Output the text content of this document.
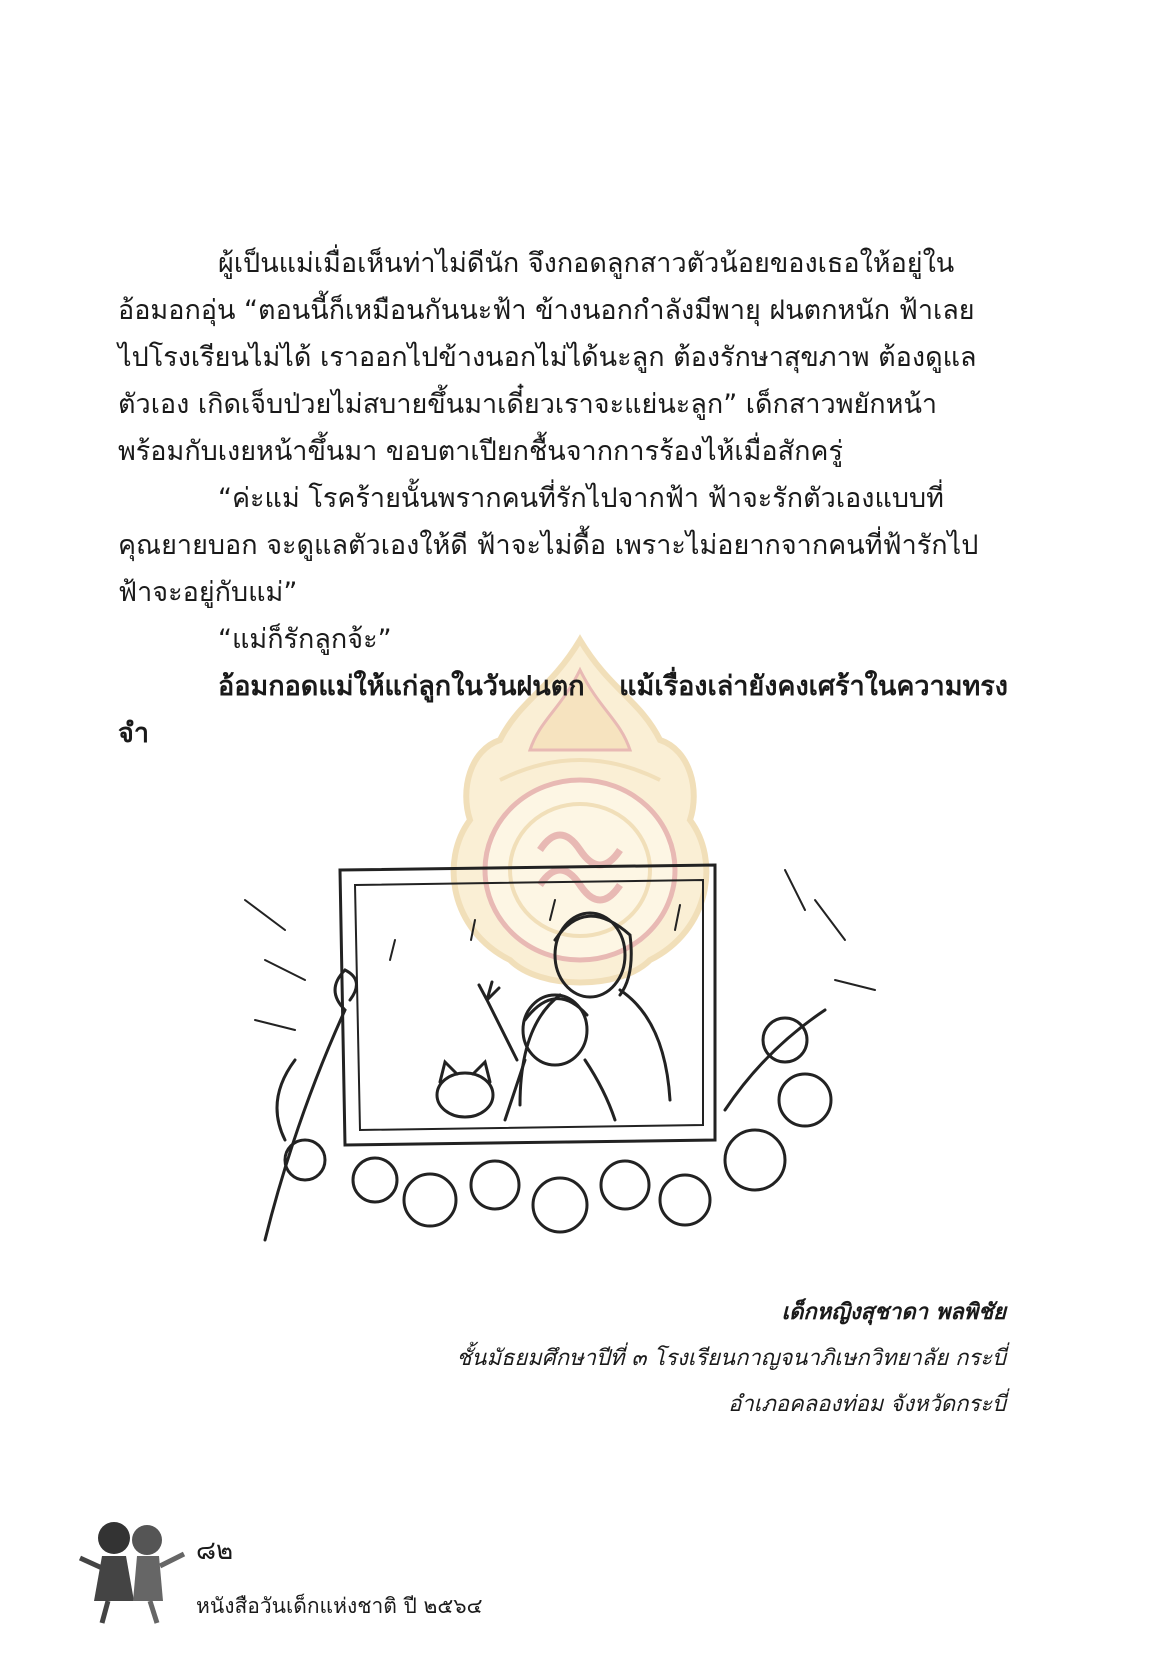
ผู้เป็นแม่เมื่อเห็นท่าไม่ดีนัก จึงกอดลูกสาวตัวน้อยของเธอให้อยู่ใน
อ้อมอกอุ่น “ตอนนี้ก็เหมือนกันนะฟ้า ข้างนอกกำลังมีพายุ ฝนตกหนัก ฟ้าเลย
ไปโรงเรียนไม่ได้ เราออกไปข้างนอกไม่ได้นะลูก ต้องรักษาสุขภาพ ต้องดูแล
ตัวเอง เกิดเจ็บป่วยไม่สบายขึ้นมาเดี๋ยวเราจะแย่นะลูก” เด็กสาวพยักหน้า
พร้อมกับเงยหน้าขึ้นมา ขอบตาเปียกชื้นจากการร้องไห้เมื่อสักครู่

“ค่ะแม่ โรคร้ายนั้นพรากคนที่รักไปจากฟ้า ฟ้าจะรักตัวเองแบบที่
คุณยายบอก จะดูแลตัวเองให้ดี ฟ้าจะไม่ดื้อ เพราะไม่อยากจากคนที่ฟ้ารักไป
ฟ้าจะอยู่กับแม่”

“แม่ก็รักลูกจ้ะ”

อ้อมกอดแม่ให้แก่ลูกในวันฝนตก แม้เรื่องเล่ายังคงเศร้าในความทรงจำ

เด็กหญิงสุชาดา พลพิชัย
ชั้นมัธยมศึกษาปีที่ ๓ โรงเรียนกาญจนาภิเษกวิทยาลัย กระบี่
อำเภอคลองท่อม จังหวัดกระบี่
๘๒
หนังสือวันเด็กแห่งชาติ ปี ๒๕๖๔
